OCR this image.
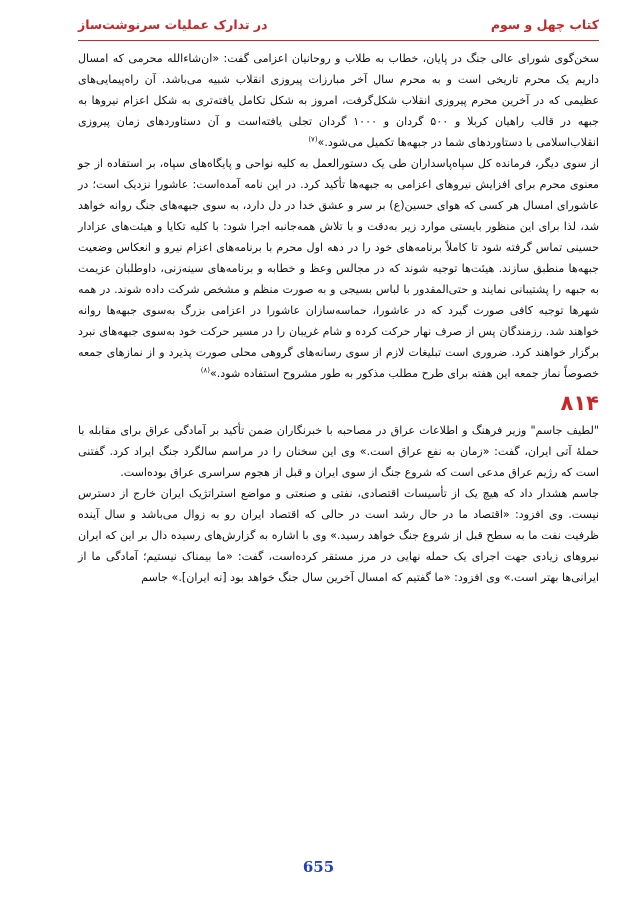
کتاب چهل و سوم
در تدارک عملیات سرنوشت‌ساز

سخن‌گوی شورای عالی جنگ در پایان، خطاب به طلاب و روحانیان اعزامی گفت: «ان‌شاءالله محرمی که امسال داریم یک محرم تاریخی است و به محرم سال آخر مبارزات پیروزی انقلاب شبیه می‌باشد. آن راه‌پیمایی‌های عظیمی که در آخرین محرم پیروزی انقلاب شکل‌گرفت، امروز به شکل تکامل یافته‌تری به شکل اعزام نیروها به جبهه در قالب راهیان کربلا و ۵۰۰ گردان و ۱۰۰۰ گردان تجلی یافته‌است و آن دستاوردهای زمان پیروزی انقلاب‌اسلامی با دستاوردهای شما در جبهه‌ها تکمیل می‌شود.»$^{(۷)}$

از سوی دیگر، فرمانده کل سپاه‌پاسداران طی یک دستورالعمل به کلیه نواحی و پایگاه‌های سپاه، بر استفاده از جو معنوی محرم برای افزایش نیروهای اعزامی به جبهه‌ها تأکید کرد. در این نامه آمده‌است: عاشورا نزدیک است؛ در عاشورای امسال هر کسی که هوای حسین(ع) بر سر و عشق خدا در دل دارد، به سوی جبهه‌های جنگ روانه خواهد شد، لذا برای این منظور بایستی موارد زیر به‌دقت و با تلاش همه‌جانبه اجرا شود: با کلیه تکایا و هیئت‌های عزادار حسینی تماس گرفته شود تا کاملاً برنامه‌های خود را در دهه اول محرم با برنامه‌های اعزام نیرو و انعکاس وضعیت جبهه‌ها منطبق سازند. هیئت‌ها توجیه شوند که در مجالس وعظ و خطابه و برنامه‌های سینه‌زنی، داوطلبان عزیمت به جبهه را پشتیبانی نمایند و حتی‌المقدور با لباس بسیجی و به صورت منظم و مشخص شرکت داده شوند. در همه شهرها توجیه کافی صورت گیرد که در عاشورا، حماسه‌سازان عاشورا در اعزامی بزرگ به‌سوی جبهه‌ها روانه خواهند شد. رزمندگان پس از صرف نهار حرکت کرده و شام غریبان را در مسیر حرکت خود به‌سوی جبهه‌های نبرد برگزار خواهند کرد. ضروری است تبلیغات لازم از سوی رسانه‌های گروهی محلی صورت پذیرد و از نمازهای جمعه خصوصاً نماز جمعه این هفته برای طرح مطلب مذکور به طور مشروح استفاده شود.»$^{(۸)}$

۸۱۴

"لطیف جاسم" وزیر فرهنگ و اطلاعات عراق در مصاحبه با خبرنگاران ضمن تأکید بر آمادگی عراق برای مقابله با حملهٔ آتی ایران، گفت: «زمان به نفع عراق است.» وی این سخنان را در مراسم سالگرد جنگ ایراد کرد. گفتنی است که رژیم عراق مدعی است که شروع جنگ از سوی ایران و قبل از هجوم سراسری عراق بوده‌است.

جاسم هشدار داد که هیچ یک از تأسیسات اقتصادی، نفتی و صنعتی و مواضع استراتژیک ایران خارج از دسترس نیست. وی افزود: «اقتصاد ما در حال رشد است در حالی که اقتصاد ایران رو به زوال می‌باشد و سال آینده ظرفیت نفت ما به سطح قبل از شروع جنگ خواهد رسید.» وی با اشاره به گزارش‌های رسیده دال بر این که ایران نیروهای زیادی جهت اجرای یک حمله نهایی در مرز مستقر کرده‌است، گفت: «ما بیمناک نیستیم؛ آمادگی ما از ایرانی‌ها بهتر است.» وی افزود: «ما گفتیم که امسال آخرین سال جنگ خواهد بود [نه ایران].» جاسم

655
